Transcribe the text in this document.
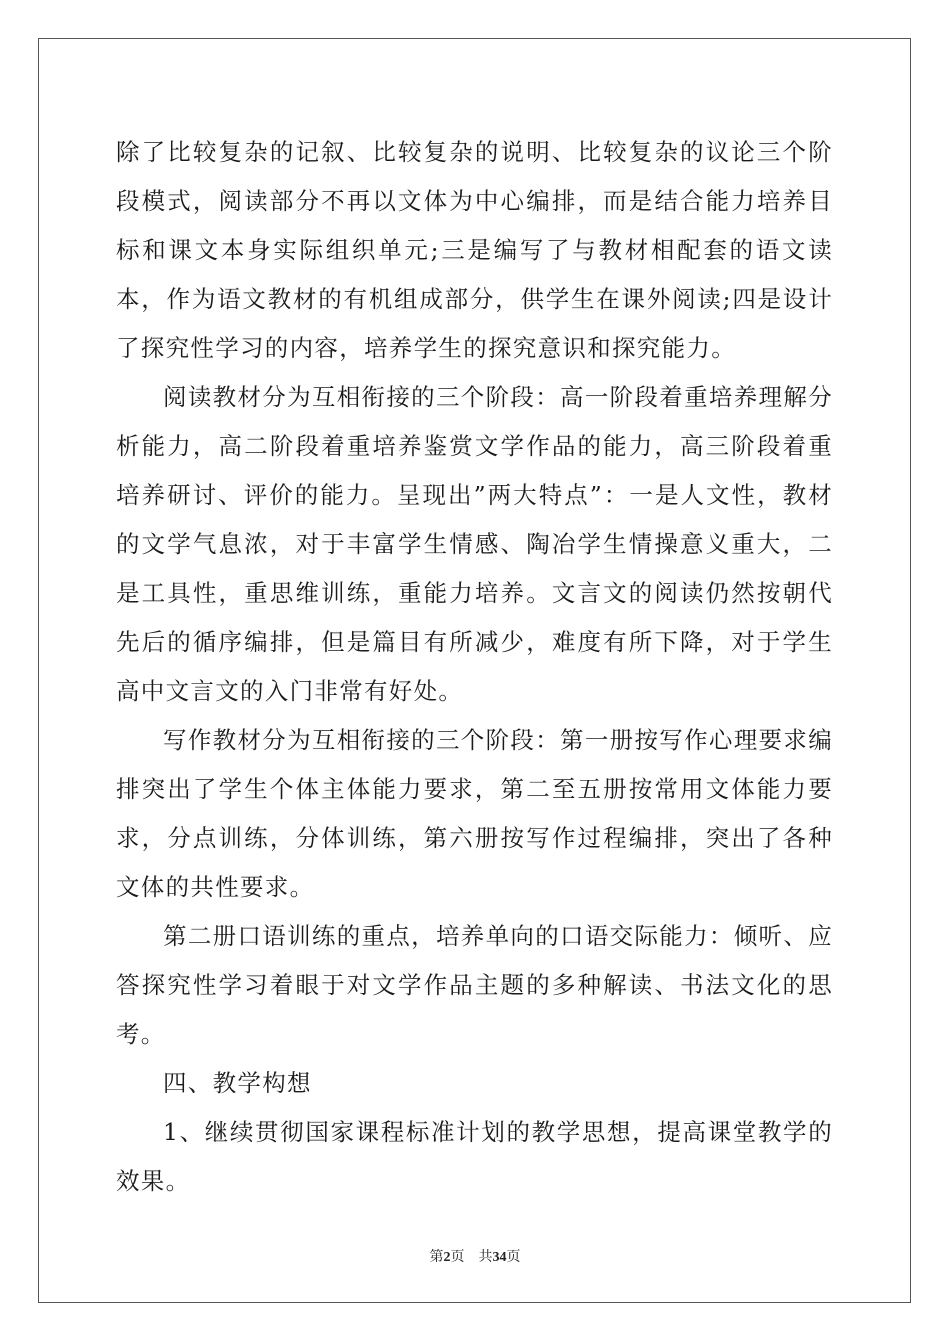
除了比较复杂的记叙、比较复杂的说明、比较复杂的议论三个阶段模式，阅读部分不再以文体为中心编排，而是结合能力培养目标和课文本身实际组织单元;三是编写了与教材相配套的语文读本，作为语文教材的有机组成部分，供学生在课外阅读;四是设计了探究性学习的内容，培养学生的探究意识和探究能力。

阅读教材分为互相衔接的三个阶段：高一阶段着重培养理解分析能力，高二阶段着重培养鉴赏文学作品的能力，高三阶段着重培养研讨、评价的能力。呈现出”两大特点”：一是人文性，教材的文学气息浓，对于丰富学生情感、陶冶学生情操意义重大，二是工具性，重思维训练，重能力培养。文言文的阅读仍然按朝代先后的循序编排，但是篇目有所减少，难度有所下降，对于学生高中文言文的入门非常有好处。

写作教材分为互相衔接的三个阶段：第一册按写作心理要求编排突出了学生个体主体能力要求，第二至五册按常用文体能力要求，分点训练，分体训练，第六册按写作过程编排，突出了各种文体的共性要求。

第二册口语训练的重点，培养单向的口语交际能力：倾听、应答探究性学习着眼于对文学作品主题的多种解读、书法文化的思考。

四、教学构想

1、继续贯彻国家课程标准计划的教学思想，提高课堂教学的效果。

第2页 共34页
